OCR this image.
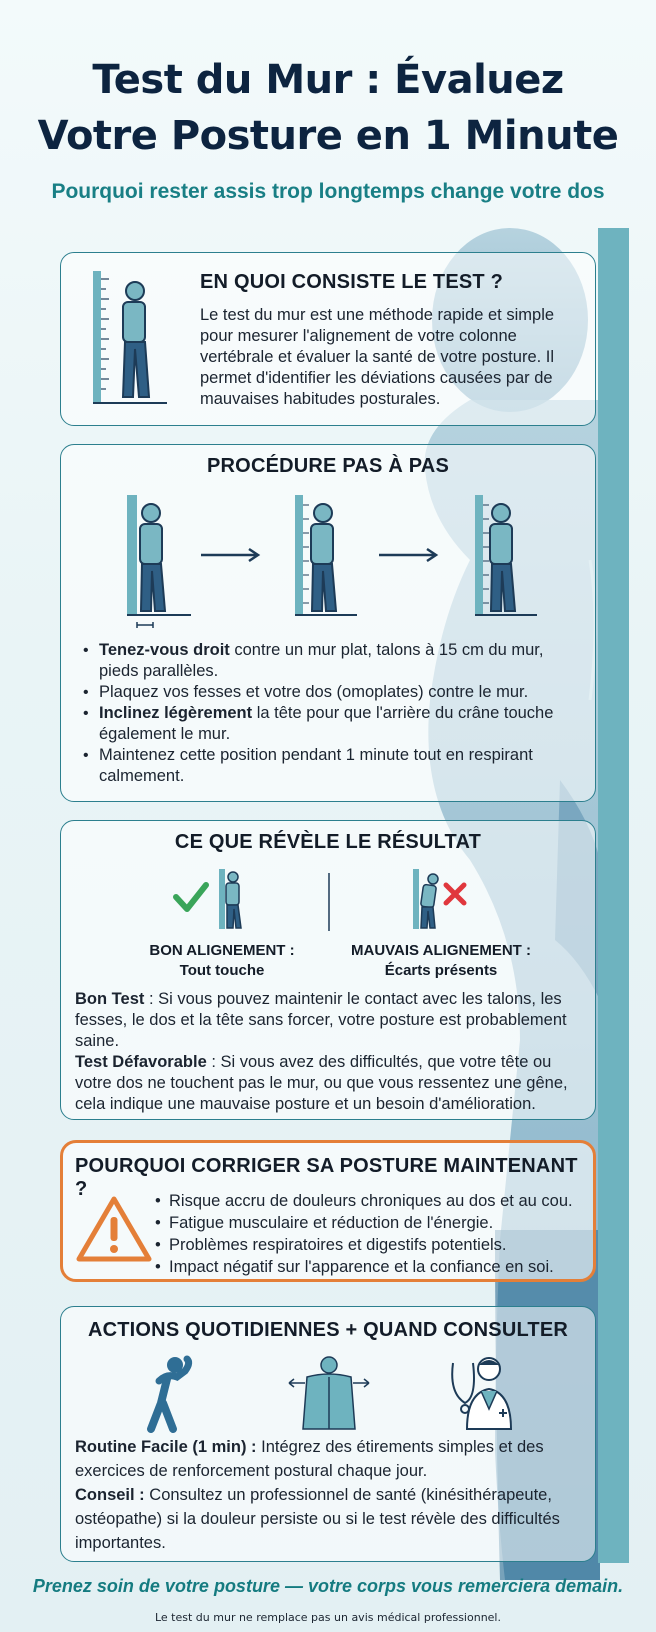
Test du Mur : Évaluez
Votre Posture en 1 Minute
Pourquoi rester assis trop longtemps change votre dos
EN QUOI CONSISTE LE TEST ?

Le test du mur est une méthode rapide et simple pour mesurer l'alignement de votre colonne vertébrale et évaluer la santé de votre posture. Il permet d'identifier les déviations causées par de mauvaises habitudes posturales.

PROCÉDURE PAS À PAS
• Tenez-vous droit contre un mur plat, talons à 15 cm du mur, pieds parallèles.
• Plaquez vos fesses et votre dos (omoplates) contre le mur.
• Inclinez légèrement la tête pour que l'arrière du crâne touche également le mur.
• Maintenez cette position pendant 1 minute tout en respirant calmement.
CE QUE RÉVÈLE LE RÉSULTAT
BON ALIGNEMENT :
Tout touche
MAUVAIS ALIGNEMENT :
Écarts présents

Bon Test : Si vous pouvez maintenir le contact avec les talons, les fesses, le dos et la tête sans forcer, votre posture est probablement saine.
Test Défavorable : Si vous avez des difficultés, que votre tête ou votre dos ne touchent pas le mur, ou que vous ressentez une gêne, cela indique une mauvaise posture et un besoin d'amélioration.

POURQUOI CORRIGER SA POSTURE MAINTENANT ?
• Risque accru de douleurs chroniques au dos et au cou.
• Fatigue musculaire et réduction de l'énergie.
• Problèmes respiratoires et digestifs potentiels.
• Impact négatif sur l'apparence et la confiance en soi.
ACTIONS QUOTIDIENNES + QUAND CONSULTER

Routine Facile (1 min) : Intégrez des étirements simples et des exercices de renforcement postural chaque jour.
Conseil : Consultez un professionnel de santé (kinésithérapeute, ostéopathe) si la douleur persiste ou si le test révèle des difficultés importantes.

Prenez soin de votre posture — votre corps vous remerciera demain.
Le test du mur ne remplace pas un avis médical professionnel.
